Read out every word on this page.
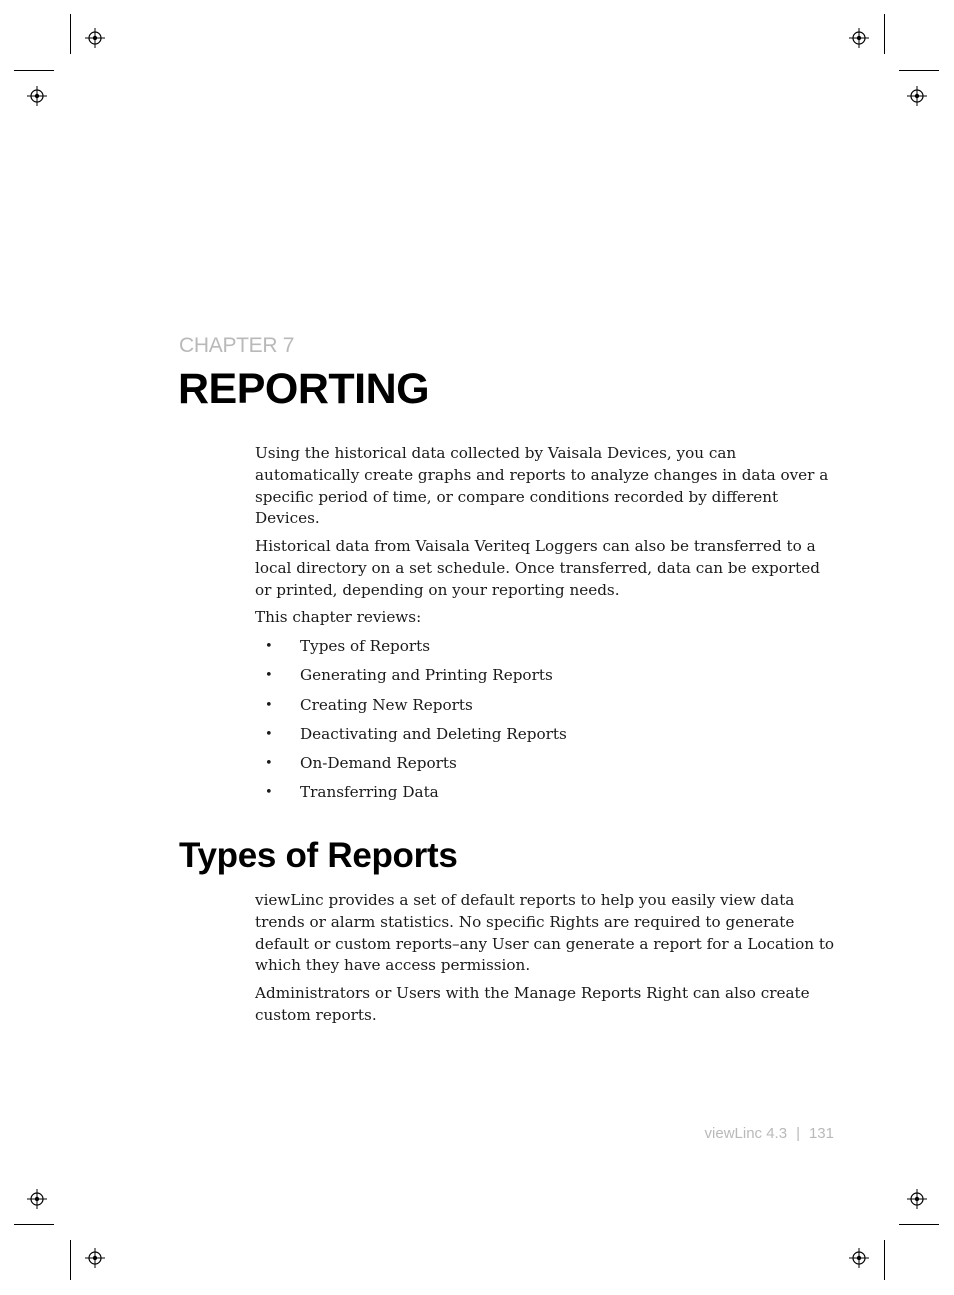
CHAPTER 7

REPORTING

Using the historical data collected by Vaisala Devices, you can automatically create graphs and reports to analyze changes in data over a specific period of time, or compare conditions recorded by different Devices.

Historical data from Vaisala Veriteq Loggers can also be transferred to a local directory on a set schedule. Once transferred, data can be exported or printed, depending on your reporting needs.

This chapter reviews:

• Types of Reports
• Generating and Printing Reports
• Creating New Reports
• Deactivating and Deleting Reports
• On-Demand Reports
• Transferring Data
Types of Reports

viewLinc provides a set of default reports to help you easily view data trends or alarm statistics. No specific Rights are required to generate default or custom reports–any User can generate a report for a Location to which they have access permission.

Administrators or Users with the Manage Reports Right can also create custom reports.

viewLinc 4.3 | 131
